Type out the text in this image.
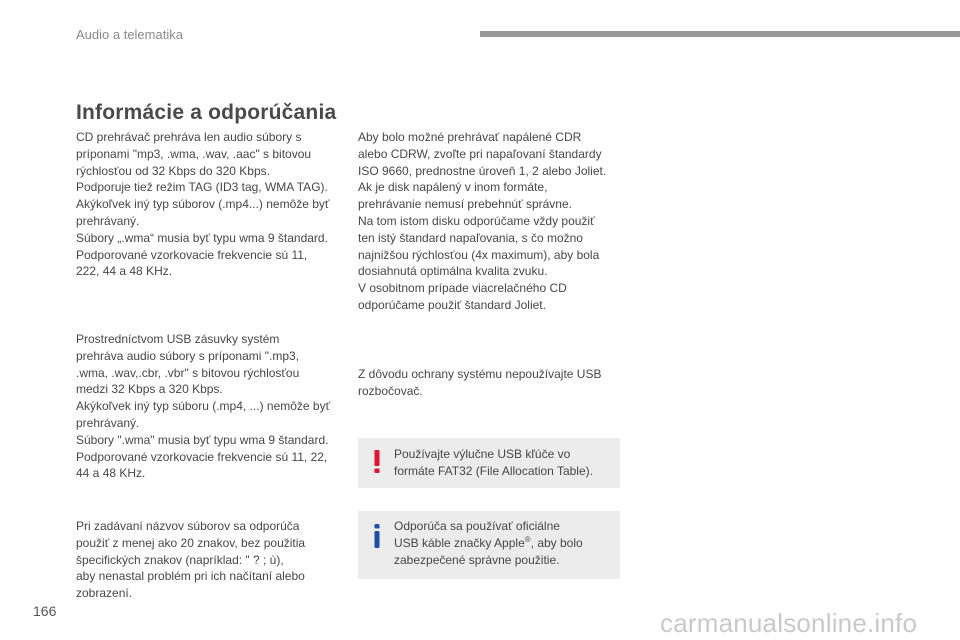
Audio a telematika
Informácie a odporúčania
CD prehrávač prehráva len audio súbory s
príponami "mp3, .wma, .wav, .aac" s bitovou
rýchlosťou od 32 Kbps do 320 Kbps.
Podporuje tiež režim TAG (ID3 tag, WMA TAG).
Akýkoľvek iný typ súborov (.mp4...) nemôže byť
prehrávaný.
Súbory „.wma“ musia byť typu wma 9 štandard.
Podporované vzorkovacie frekvencie sú 11,
222, 44 a 48 KHz.
Prostredníctvom USB zásuvky systém
prehráva audio súbory s príponami ".mp3,
.wma, .wav,.cbr, .vbr" s bitovou rýchlosťou
medzi 32 Kbps a 320 Kbps.
Akýkoľvek iný typ súboru (.mp4, ...) nemôže byť
prehrávaný.
Súbory ".wma" musia byť typu wma 9 štandard.
Podporované vzorkovacie frekvencie sú 11, 22,
44 a 48 KHz.
Pri zadávaní názvov súborov sa odporúča
použiť z menej ako 20 znakov, bez použitia
špecifických znakov (napríklad: " ? ; ù),
aby nenastal problém pri ich načítaní alebo
zobrazení.
Aby bolo možné prehrávať napálené CDR
alebo CDRW, zvoľte pri napaľovaní štandardy
ISO 9660, prednostne úroveň 1, 2 alebo Joliet.
Ak je disk napálený v inom formáte,
prehrávanie nemusí prebehnúť správne.
Na tom istom disku odporúčame vždy použiť
ten istý štandard napaľovania, s čo možno
najnižšou rýchlosťou (4x maximum), aby bola
dosiahnutá optimálna kvalita zvuku.
V osobitnom prípade viacrelačného CD
odporúčame použiť štandard Joliet.
Z dôvodu ochrany systému nepoužívajte USB
rozbočovač.
Používajte výlučne USB kľúče vo
formáte FAT32 (File Allocation Table).
Odporúča sa používať oficiálne
USB káble značky Apple®, aby bolo
zabezpečené správne použitie.
166	carmanualsonline.info
